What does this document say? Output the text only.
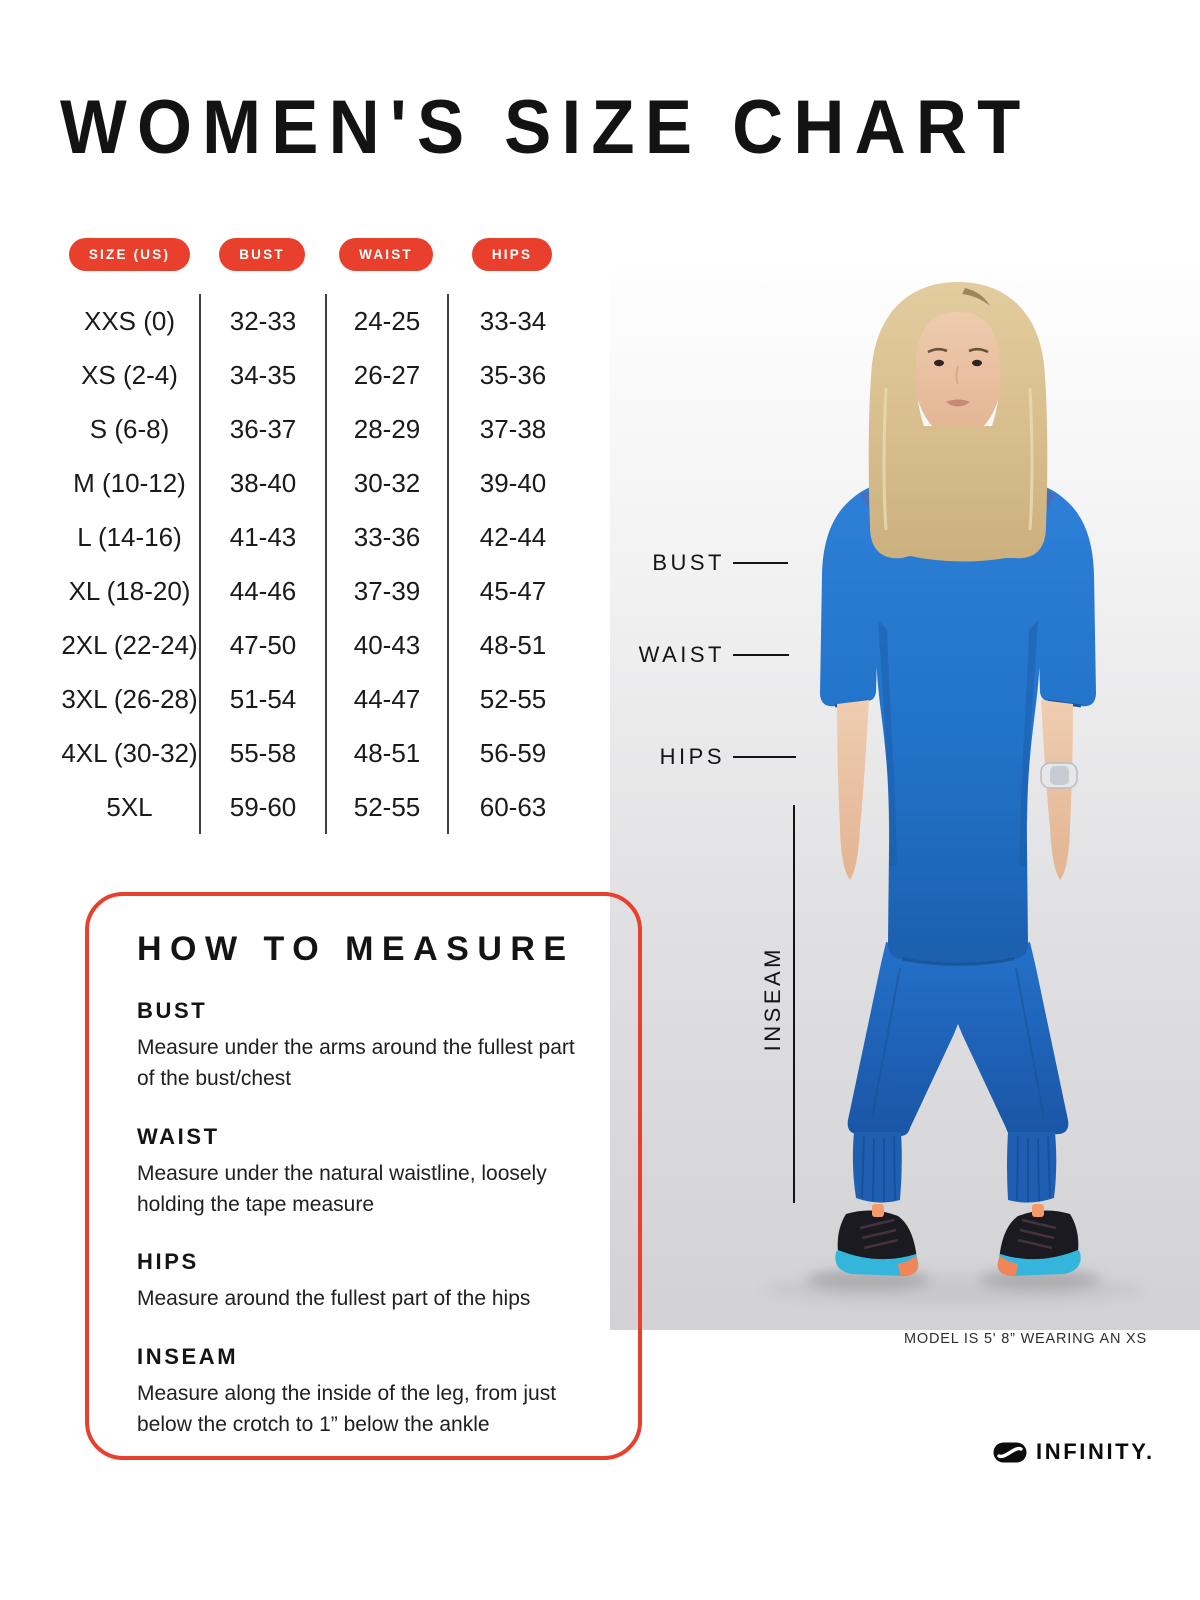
WOMEN'S SIZE CHART
SIZE (US)	BUST	WAIST	HIPS
XXS (0)	32-33	24-25	33-34
XS (2-4)	34-35	26-27	35-36
S (6-8)	36-37	28-29	37-38
M (10-12)	38-40	30-32	39-40
L (14-16)	41-43	33-36	42-44
XL (18-20)	44-46	37-39	45-47
2XL (22-24)	47-50	40-43	48-51
3XL (26-28)	51-54	44-47	52-55
4XL (30-32)	55-58	48-51	56-59
5XL	59-60	52-55	60-63
BUST
WAIST
HIPS
INSEAM
MODEL IS 5' 8” WEARING AN XS
HOW TO MEASURE
BUST

Measure under the arms around the fullest part of the bust/chest

WAIST

Measure under the natural waistline, loosely holding the tape measure

HIPS

Measure around the fullest part of the hips

INSEAM

Measure along the inside of the leg, from just below the crotch to 1” below the ankle

INFINITY.
